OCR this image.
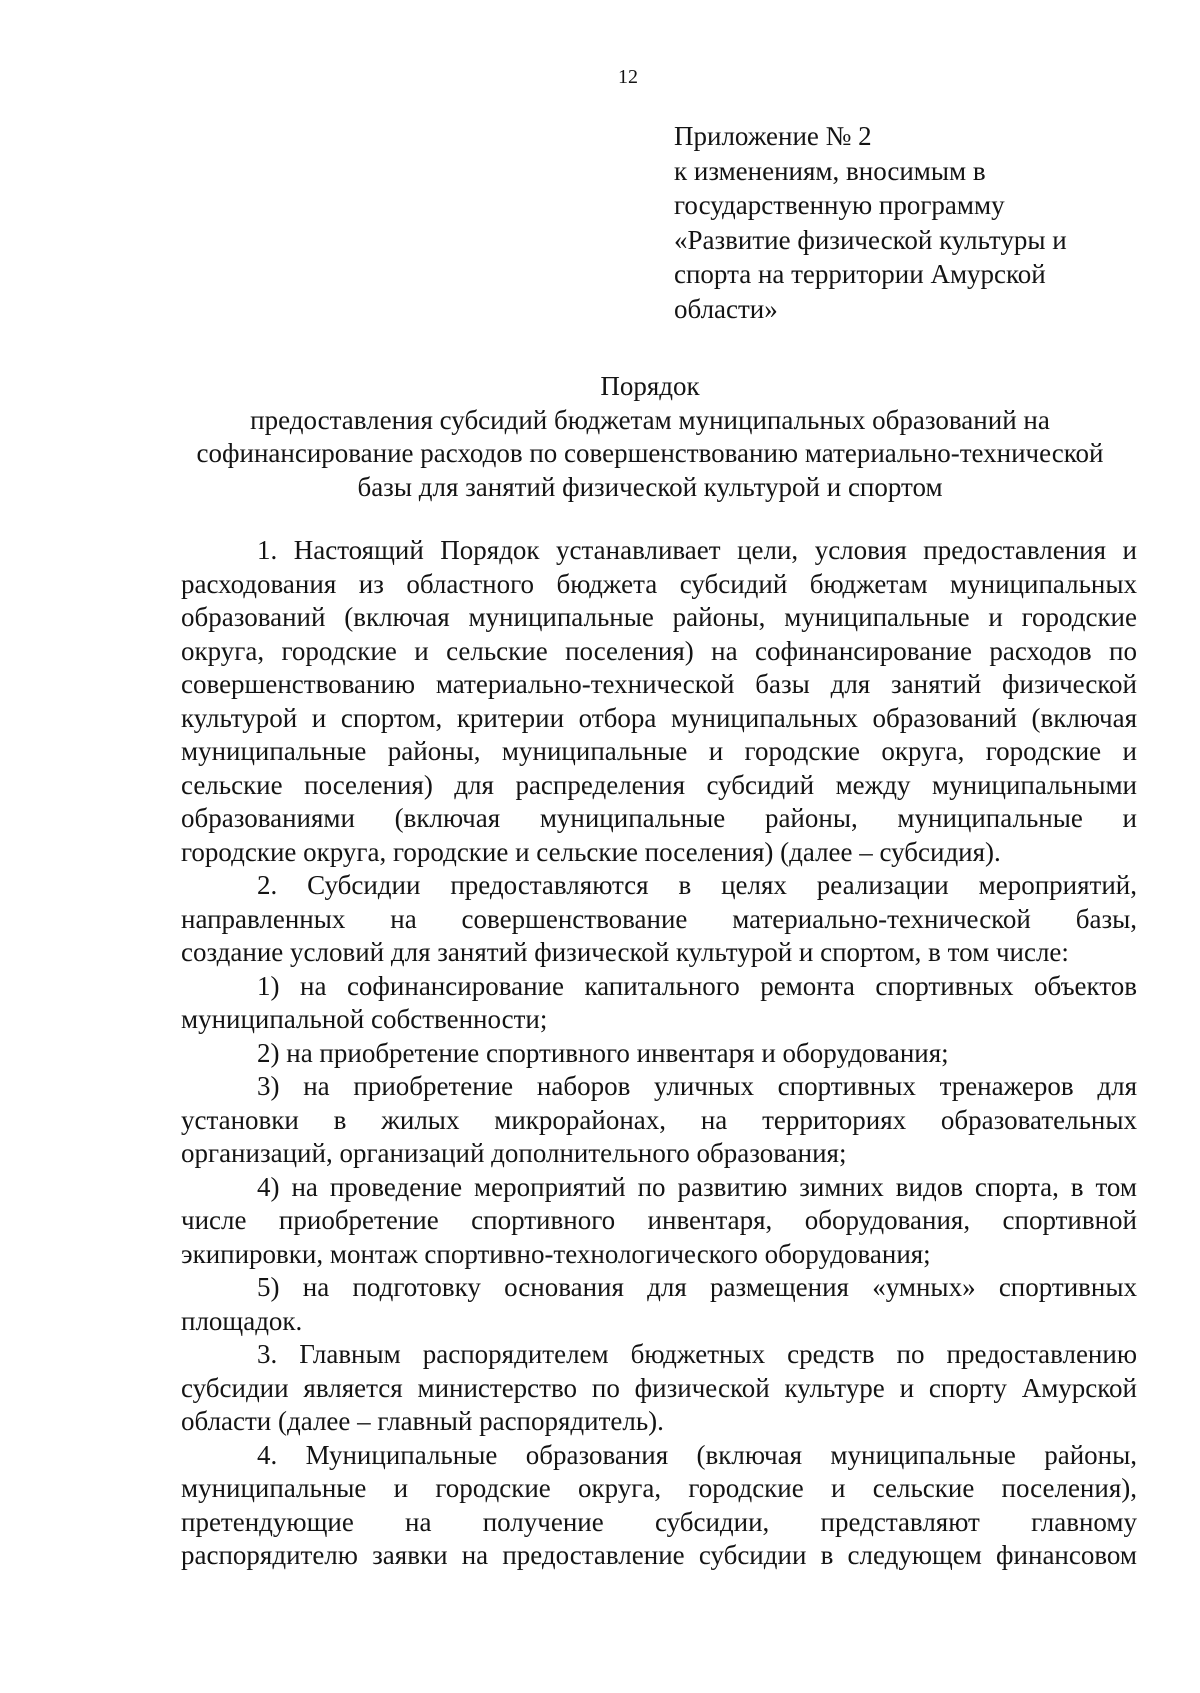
12
Приложение № 2
к изменениям, вносимым в
государственную программу
«Развитие физической культуры и
спорта на территории Амурской
области»
Порядок
предоставления субсидий бюджетам муниципальных образований на
софинансирование расходов по совершенствованию материально-технической
базы для занятий физической культурой и спортом
1. Настоящий Порядок устанавливает цели, условия предоставления и
расходования из областного бюджета субсидий бюджетам муниципальных
образований (включая муниципальные районы, муниципальные и городские
округа, городские и сельские поселения) на софинансирование расходов по
совершенствованию материально-технической базы для занятий физической
культурой и спортом, критерии отбора муниципальных образований (включая
муниципальные районы, муниципальные и городские округа, городские и
сельские поселения) для распределения субсидий между муниципальными
образованиями (включая муниципальные районы, муниципальные и
городские округа, городские и сельские поселения) (далее – субсидия).
2. Субсидии предоставляются в целях реализации мероприятий,
направленных на совершенствование материально-технической базы,
создание условий для занятий физической культурой и спортом, в том числе:
1) на софинансирование капитального ремонта спортивных объектов
муниципальной собственности;
2) на приобретение спортивного инвентаря и оборудования;
3) на приобретение наборов уличных спортивных тренажеров для
установки в жилых микрорайонах, на территориях образовательных
организаций, организаций дополнительного образования;
4) на проведение мероприятий по развитию зимних видов спорта, в том
числе приобретение спортивного инвентаря, оборудования, спортивной
экипировки, монтаж спортивно-технологического оборудования;
5) на подготовку основания для размещения «умных» спортивных
площадок.
3. Главным распорядителем бюджетных средств по предоставлению
субсидии является министерство по физической культуре и спорту Амурской
области (далее – главный распорядитель).
4. Муниципальные образования (включая муниципальные районы,
муниципальные и городские округа, городские и сельские поселения),
претендующие на получение субсидии, представляют главному
распорядителю заявки на предоставление субсидии в следующем финансовом
